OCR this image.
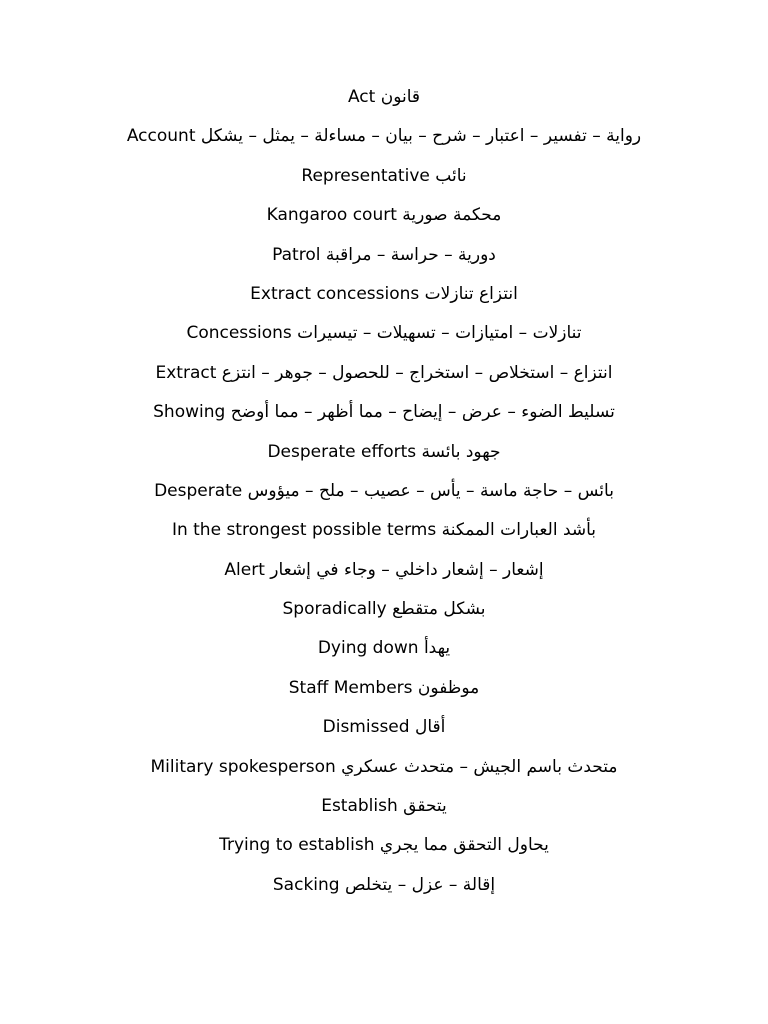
قانون Act
رواية – تفسير – اعتبار – شرح – بيان – مساءلة – يمثل – يشكل Account
نائب Representative
محكمة صورية Kangaroo court
دورية – حراسة – مراقبة Patrol
انتزاع تنازلات Extract concessions
تنازلات – امتيازات – تسهيلات – تيسيرات Concessions
انتزاع – استخلاص – استخراج – للحصول – جوهر – انتزع Extract
تسليط الضوء – عرض – إيضاح – مما أظهر – مما أوضح Showing
جهود بائسة Desperate efforts
بائس – حاجة ماسة – يأس – عصيب – ملح – ميؤوس Desperate
بأشد العبارات الممكنة In the strongest possible terms
إشعار – إشعار داخلي – وجاء في إشعار Alert
بشكل متقطع Sporadically
يهدأ Dying down
موظفون Staff Members
أقال Dismissed
متحدث باسم الجيش – متحدث عسكري Military spokesperson
يتحقق Establish
يحاول التحقق مما يجري Trying to establish
إقالة – عزل – يتخلص Sacking
